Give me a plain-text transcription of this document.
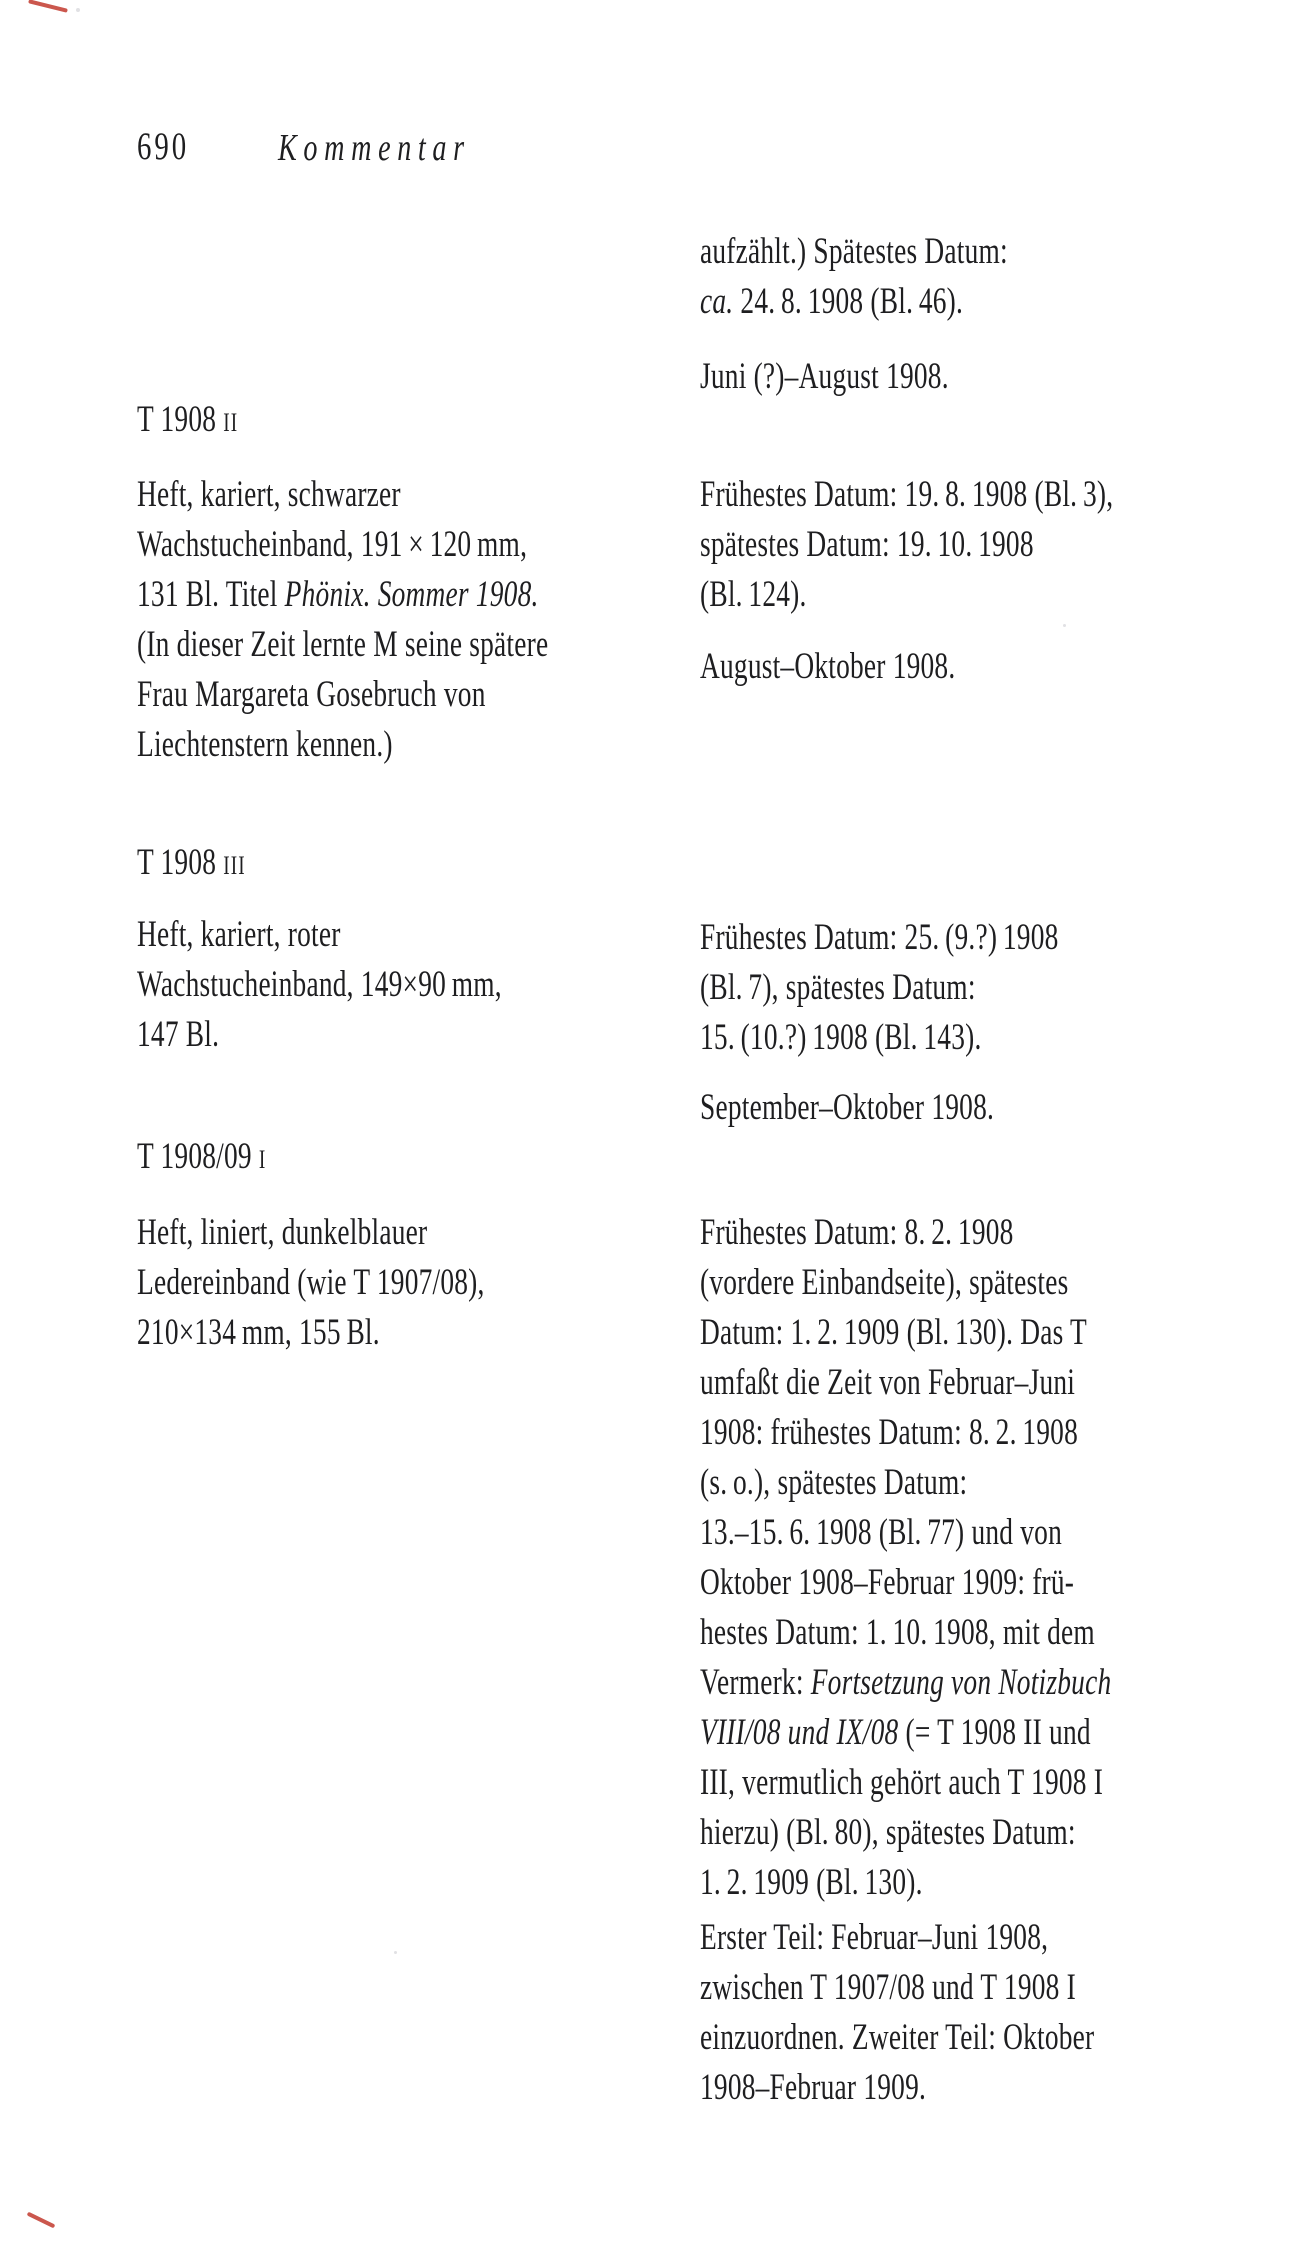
690 Kommentar
T 1908 ii
Heft, kariert, schwarzer
Wachstucheinband, 191 × 120 mm,
131 Bl. Titel Phönix. Sommer 1908.
(In dieser Zeit lernte M seine spätere
Frau Margareta Gosebruch von
Liechtenstern kennen.)
T 1908 iii
Heft, kariert, roter
Wachstucheinband, 149×90 mm,
147 Bl.
T 1908/09 i
Heft, liniert, dunkelblauer
Ledereinband (wie T 1907/08),
210×134 mm, 155 Bl.
aufzählt.) Spätestes Datum:
ca. 24. 8. 1908 (Bl. 46).
Juni (?)–August 1908.
Frühestes Datum: 19. 8. 1908 (Bl. 3),
spätestes Datum: 19. 10. 1908
(Bl. 124).
August–Oktober 1908.
Frühestes Datum: 25. (9.?) 1908
(Bl. 7), spätestes Datum:
15. (10.?) 1908 (Bl. 143).
September–Oktober 1908.
Frühestes Datum: 8. 2. 1908
(vordere Einbandseite), spätestes
Datum: 1. 2. 1909 (Bl. 130). Das T
umfaßt die Zeit von Februar–Juni
1908: frühestes Datum: 8. 2. 1908
(s. o.), spätestes Datum:
13.–15. 6. 1908 (Bl. 77) und von
Oktober 1908–Februar 1909: frü-
hestes Datum: 1. 10. 1908, mit dem
Vermerk: Fortsetzung von Notizbuch
VIII/08 und IX/08 (= T 1908 II und
III, vermutlich gehört auch T 1908 I
hierzu) (Bl. 80), spätestes Datum:
1. 2. 1909 (Bl. 130).
Erster Teil: Februar–Juni 1908,
zwischen T 1907/08 und T 1908 I
einzuordnen. Zweiter Teil: Oktober
1908–Februar 1909.
